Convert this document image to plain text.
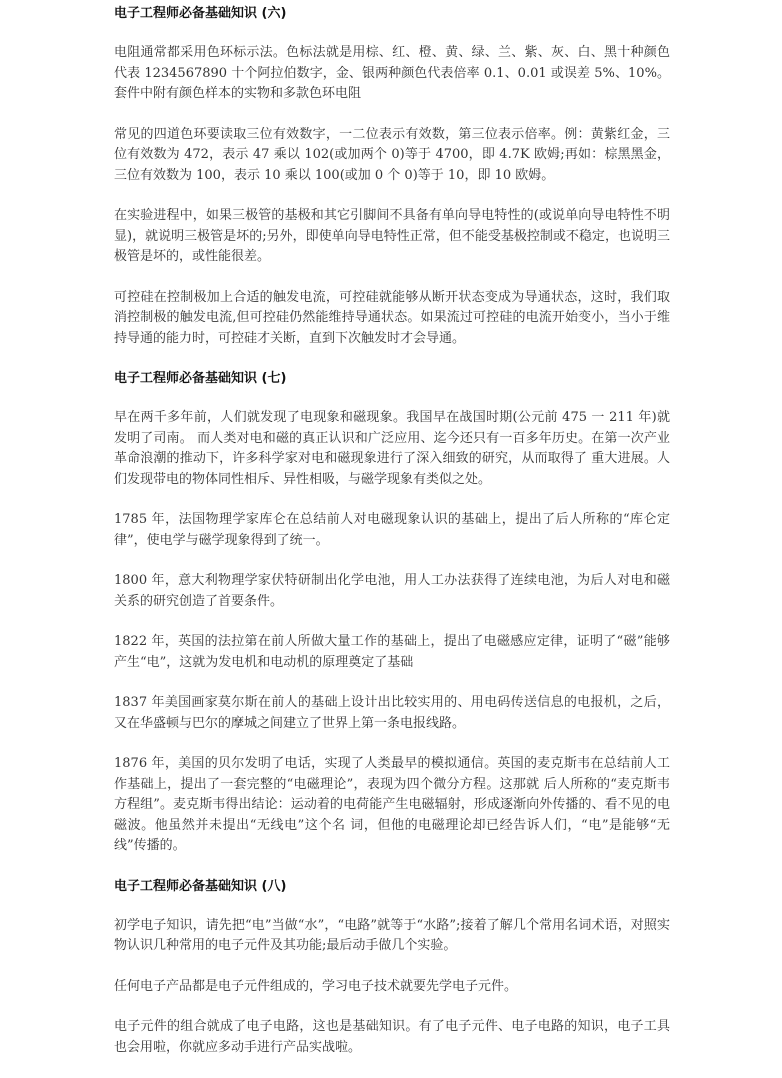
电子工程师必备基础知识 (六)

电阻通常都采用色环标示法。色标法就是用棕、红、橙、黄、绿、兰、紫、灰、白、黑十种颜色代表 1234567890 十个阿拉伯数字，金、银两种颜色代表倍率 0.1、0.01 或误差 5%、10%。套件中附有颜色样本的实物和多款色环电阻

常见的四道色环要读取三位有效数字，一二位表示有效数，第三位表示倍率。例：黄紫红金，三位有效数为 472，表示 47 乘以 102(或加两个 0)等于 4700，即 4.7K 欧姆;再如：棕黑黑金，三位有效数为 100，表示 10 乘以 100(或加 0 个 0)等于 10，即 10 欧姆。

在实验进程中，如果三极管的基极和其它引脚间不具备有单向导电特性的(或说单向导电特性不明显)，就说明三极管是坏的;另外，即使单向导电特性正常，但不能受基极控制或不稳定，也说明三极管是坏的，或性能很差。

可控硅在控制极加上合适的触发电流，可控硅就能够从断开状态变成为导通状态，这时，我们取消控制极的触发电流,但可控硅仍然能维持导通状态。如果流过可控硅的电流开始变小，当小于维持导通的能力时，可控硅才关断，直到下次触发时才会导通。

电子工程师必备基础知识 (七)

早在两千多年前，人们就发现了电现象和磁现象。我国早在战国时期(公元前 475 一 211 年)就发明了司南。 而人类对电和磁的真正认识和广泛应用、迄今还只有一百多年历史。在第一次产业革命浪潮的推动下，许多科学家对电和磁现象进行了深入细致的研究，从而取得了 重大进展。人们发现带电的物体同性相斥、异性相吸，与磁学现象有类似之处。

1785 年，法国物理学家库仑在总结前人对电磁现象认识的基础上，提出了后人所称的“库仑定律”，使电学与磁学现象得到了统一。

1800 年，意大利物理学家伏特研制出化学电池，用人工办法获得了连续电池，为后人对电和磁关系的研究创造了首要条件。

1822 年，英国的法拉第在前人所做大量工作的基础上，提出了电磁感应定律，证明了“磁”能够产生“电”，这就为发电机和电动机的原理奠定了基础

1837 年美国画家莫尔斯在前人的基础上设计出比较实用的、用电码传送信息的电报机，之后，又在华盛顿与巴尔的摩城之间建立了世界上第一条电报线路。

1876 年，美国的贝尔发明了电话，实现了人类最早的模拟通信。英国的麦克斯韦在总结前人工作基础上，提出了一套完整的“电磁理论”，表现为四个微分方程。这那就 后人所称的“麦克斯韦方程组”。麦克斯韦得出结论：运动着的电荷能产生电磁辐射，形成逐渐向外传播的、看不见的电磁波。他虽然并未提出“无线电”这个名 词，但他的电磁理论却已经告诉人们，“电”是能够“无线”传播的。

电子工程师必备基础知识 (八)

初学电子知识，请先把“电”当做“水”，“电路”就等于“水路”;接着了解几个常用名词术语，对照实物认识几种常用的电子元件及其功能;最后动手做几个实验。

任何电子产品都是电子元件组成的，学习电子技术就要先学电子元件。

电子元件的组合就成了电子电路，这也是基础知识。有了电子元件、电子电路的知识，电子工具也会用啦，你就应多动手进行产品实战啦。
